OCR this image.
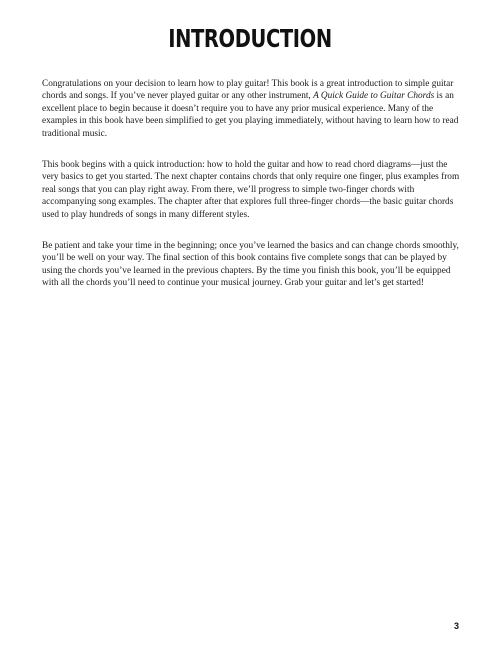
INTRODUCTION

Congratulations on your decision to learn how to play guitar! This book is a great introduction to simple guitar chords and songs. If you’ve never played guitar or any other instrument, A Quick Guide to Guitar Chords is an excellent place to begin because it doesn’t require you to have any prior musical experience. Many of the examples in this book have been simplified to get you playing immediately, without having to learn how to read traditional music.

This book begins with a quick introduction: how to hold the guitar and how to read chord diagrams—just the very basics to get you started. The next chapter contains chords that only require one finger, plus examples from real songs that you can play right away. From there, we’ll progress to simple two-finger chords with accompanying song examples. The chapter after that explores full three-finger chords—the basic guitar chords used to play hundreds of songs in many different styles.

Be patient and take your time in the beginning; once you’ve learned the basics and can change chords smoothly, you’ll be well on your way. The final section of this book contains five complete songs that can be played by using the chords you’ve learned in the previous chapters. By the time you finish this book, you’ll be equipped with all the chords you’ll need to continue your musical journey. Grab your guitar and let’s get started!

3
